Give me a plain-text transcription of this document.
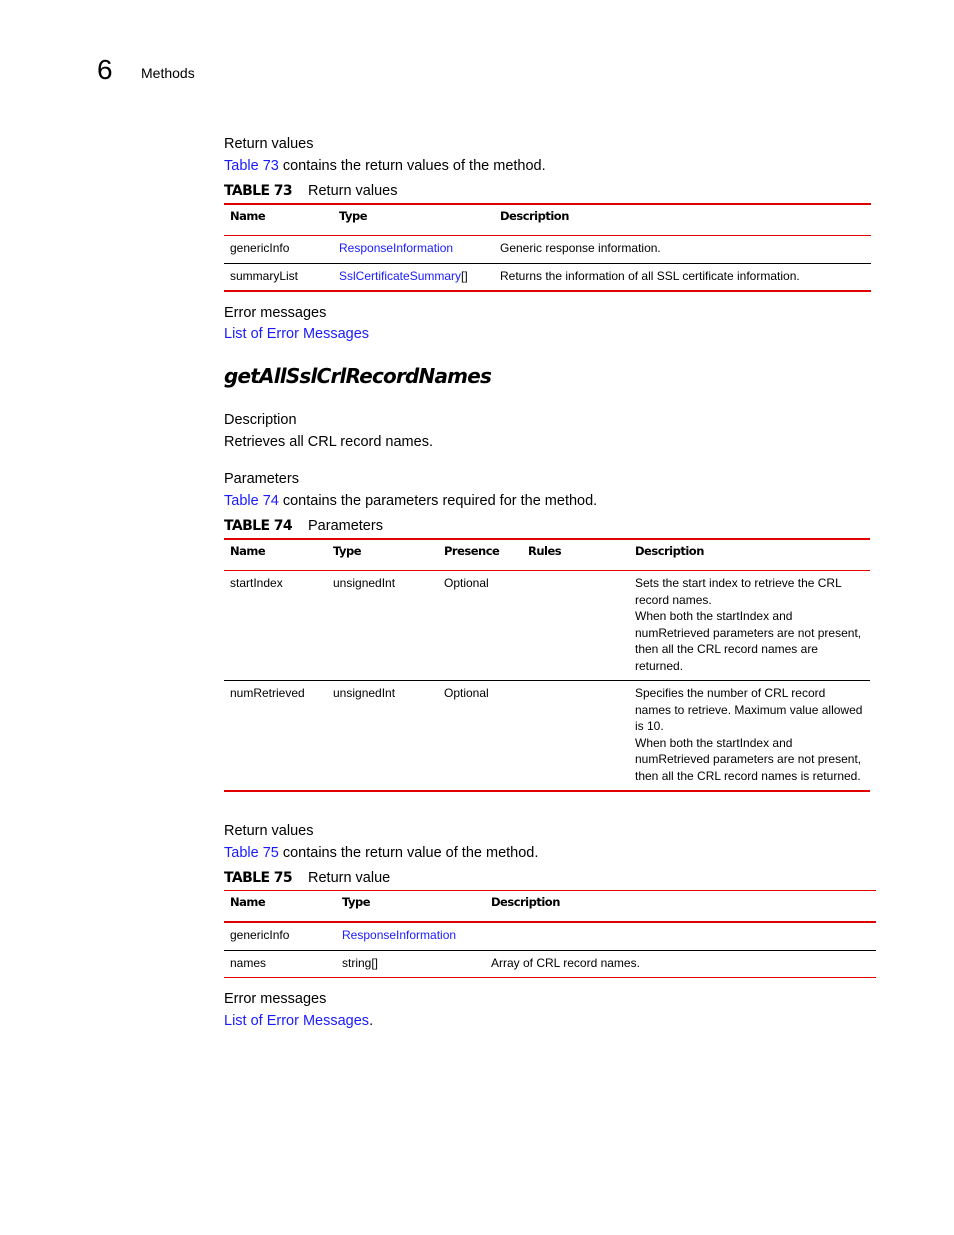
6 Methods
Return values
Table 73 contains the return values of the method.
TABLE 73 Return values
Name	Type	Description
genericInfo	ResponseInformation	Generic response information.
summaryList	SslCertificateSummary[]	Returns the information of all SSL certificate information.
Error messages
List of Error Messages
getAllSslCrlRecordNames
Description
Retrieves all CRL record names.
Parameters
Table 74 contains the parameters required for the method.
TABLE 74 Parameters
Name	Type	Presence	Rules	Description
startIndex	unsignedInt	Optional		Sets the start index to retrieve the CRL record names.
When both the startIndex and numRetrieved parameters are not present, then all the CRL record names are returned.

numRetrieved	unsignedInt	Optional		Specifies the number of CRL record names to retrieve. Maximum value allowed is 10.
When both the startIndex and numRetrieved parameters are not present, then all the CRL record names is returned.
Return values
Table 75 contains the return value of the method.
TABLE 75 Return value
Name	Type	Description
genericInfo	ResponseInformation	
names	string[]	Array of CRL record names.
Error messages
List of Error Messages.
